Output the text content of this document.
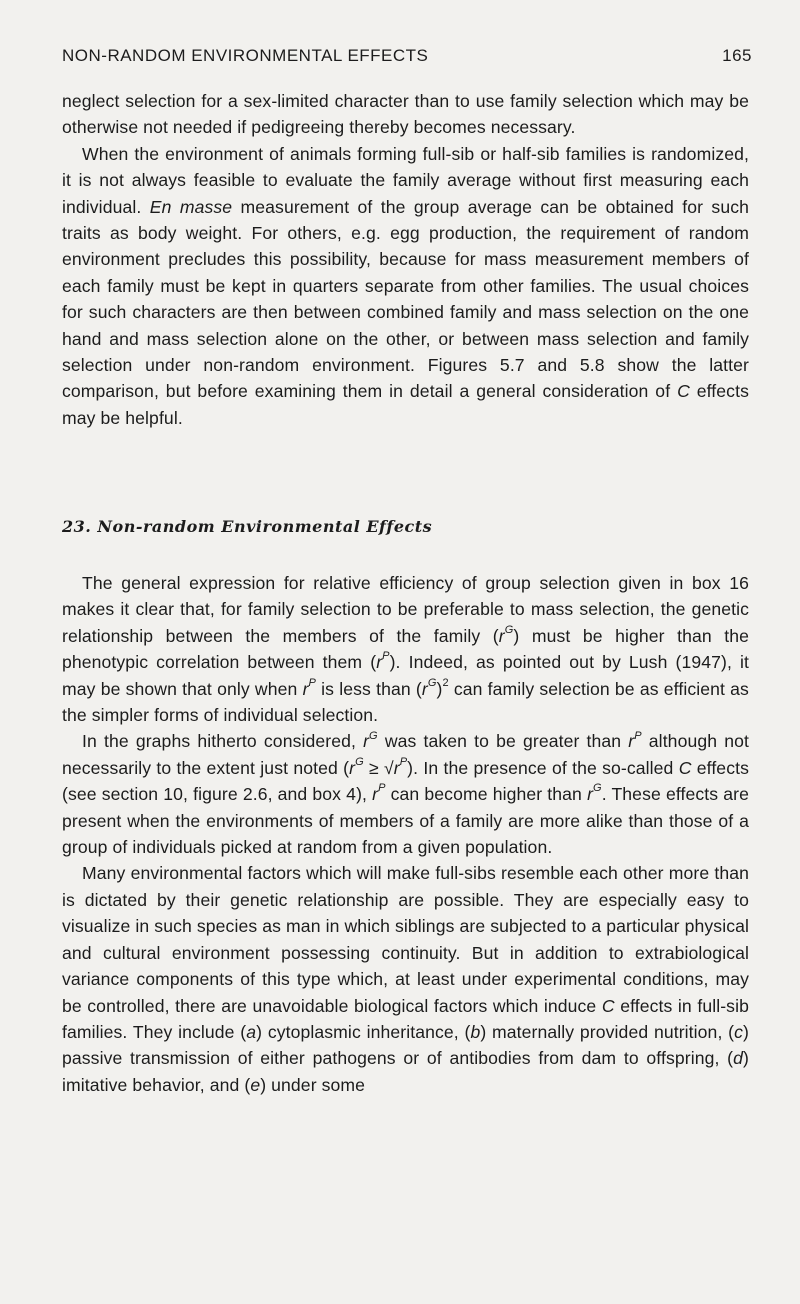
NON-RANDOM ENVIRONMENTAL EFFECTS	165

neglect selection for a sex-limited character than to use family selection which may be otherwise not needed if pedigreeing thereby becomes necessary.

When the environment of animals forming full-sib or half-sib families is randomized, it is not always feasible to evaluate the family average without first measuring each individual. En masse measurement of the group average can be obtained for such traits as body weight. For others, e.g. egg production, the requirement of random environment precludes this possibility, because for mass measurement members of each family must be kept in quarters separate from other families. The usual choices for such characters are then between combined family and mass selection on the one hand and mass selection alone on the other, or between mass selection and family selection under non-random environment. Figures 5.7 and 5.8 show the latter comparison, but before examining them in detail a general consideration of C effects may be helpful.

23. Non-random Environmental Effects

The general expression for relative efficiency of group selection given in box 16 makes it clear that, for family selection to be preferable to mass selection, the genetic relationship between the members of the family $(r^G)$ must be higher than the phenotypic correlation between them $(r^P)$. Indeed, as pointed out by Lush (1947), it may be shown that only when $r^P$ is less than $(r^G)^2$ can family selection be as efficient as the simpler forms of individual selection.

In the graphs hitherto considered, $r^G$ was taken to be greater than $r^P$ although not necessarily to the extent just noted $(r^G \ge √r^P)$. In the presence of the so-called C effects (see section 10, figure 2.6, and box 4), $r^P$ can become higher than $r^G$. These effects are present when the environments of members of a family are more alike than those of a group of individuals picked at random from a given population.

Many environmental factors which will make full-sibs resemble each other more than is dictated by their genetic relationship are possible. They are especially easy to visualize in such species as man in which siblings are subjected to a particular physical and cultural environment possessing continuity. But in addition to extrabiological variance components of this type which, at least under experimental conditions, may be controlled, there are unavoidable biological factors which induce C effects in full-sib families. They include (a) cytoplasmic inheritance, (b) maternally provided nutrition, (c) passive transmission of either pathogens or of antibodies from dam to offspring, (d) imitative behavior, and (e) under some
